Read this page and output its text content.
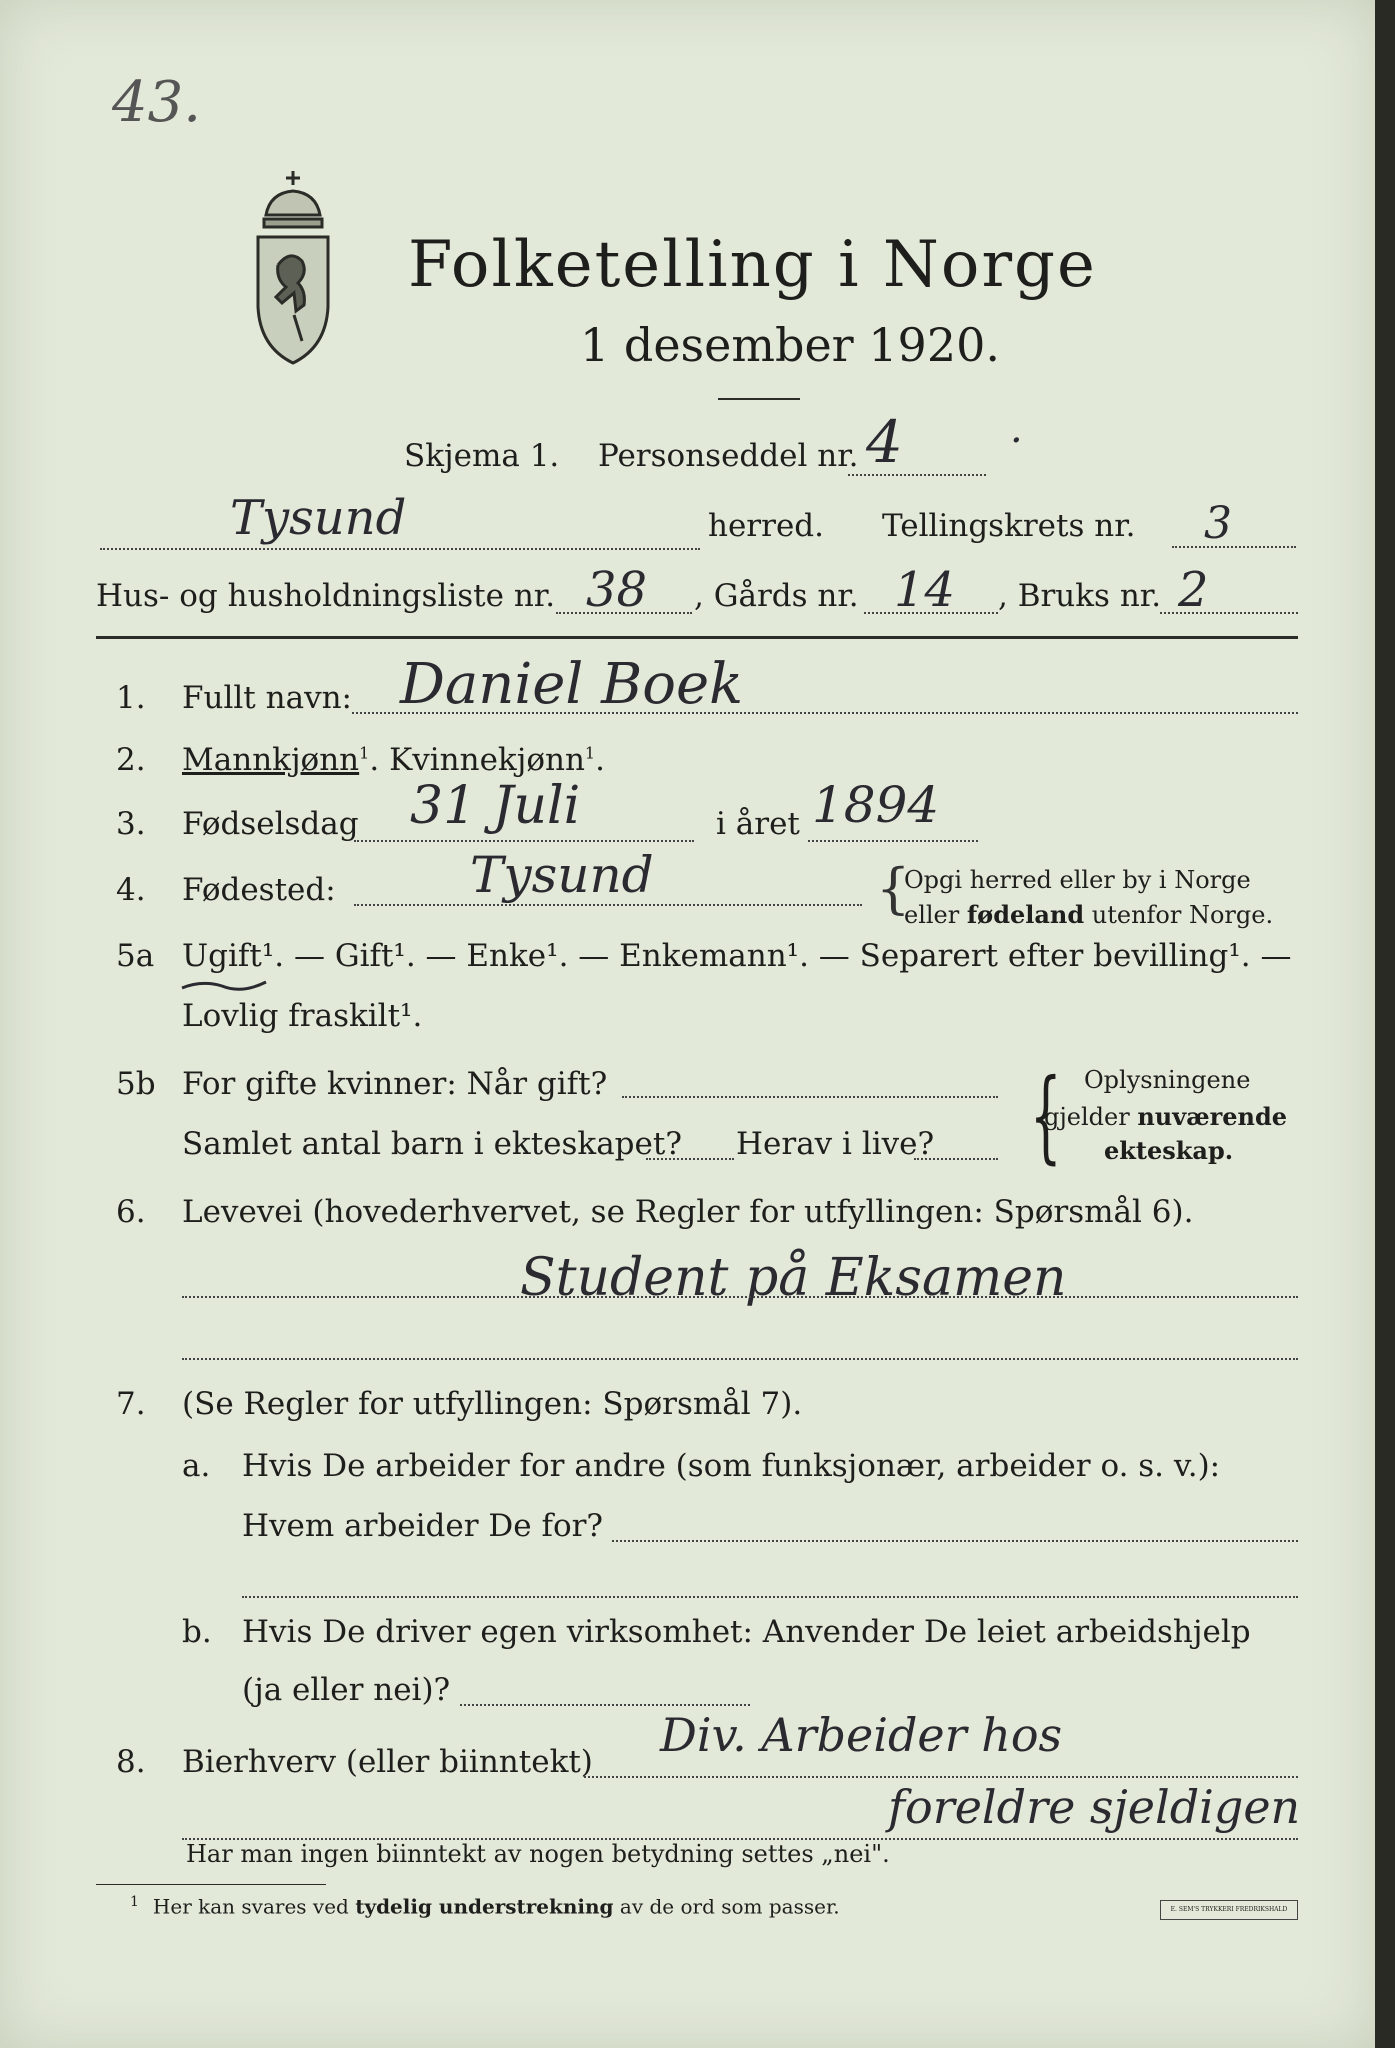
43.
Folketelling i Norge
1 desember 1920.
Skjema 1. Personseddel nr. 4	·
Tysund	herred. Tellingskrets nr. 3
Hus- og husholdningsliste nr. 38 , Gårds nr. 14 , Bruks nr. 2
1. Fullt navn: Daniel Boek
2. Mannkjønn$^1$. Kvinnekjønn$^1$.
3. Fødselsdag 31 Juli	i året 1894
4. Fødested:	Tysund	{
Opgi herred eller by i Norge
eller fødeland utenfor Norge.
5a Ugift¹. — Gift¹. — Enke¹. — Enkemann¹. — Separert efter bevilling¹. —
Lovlig fraskilt¹.
5b For gifte kvinner: Når gift?
Samlet antal barn i ekteskapet? Herav i live? { Oplysningene
gjelder nuværende
ekteskap.
6. Levevei (hovederhvervet, se Regler for utfyllingen: Spørsmål 6).
Student på Eksamen
7. (Se Regler for utfyllingen: Spørsmål 7).
a. Hvis De arbeider for andre (som funksjonær, arbeider o. s. v.):
Hvem arbeider De for?
b. Hvis De driver egen virksomhet: Anvender De leiet arbeidshjelp
(ja eller nei)?
8. Bierhverv (eller biinntekt) Div. Arbeider hos
foreldre sjeldigen
Har man ingen biinntekt av nogen betydning settes „nei".
$^1$ Her kan svares ved tydelig understrekning av de ord som passer.	E. SEM'S TRYKKERI FREDRIKSHALD
